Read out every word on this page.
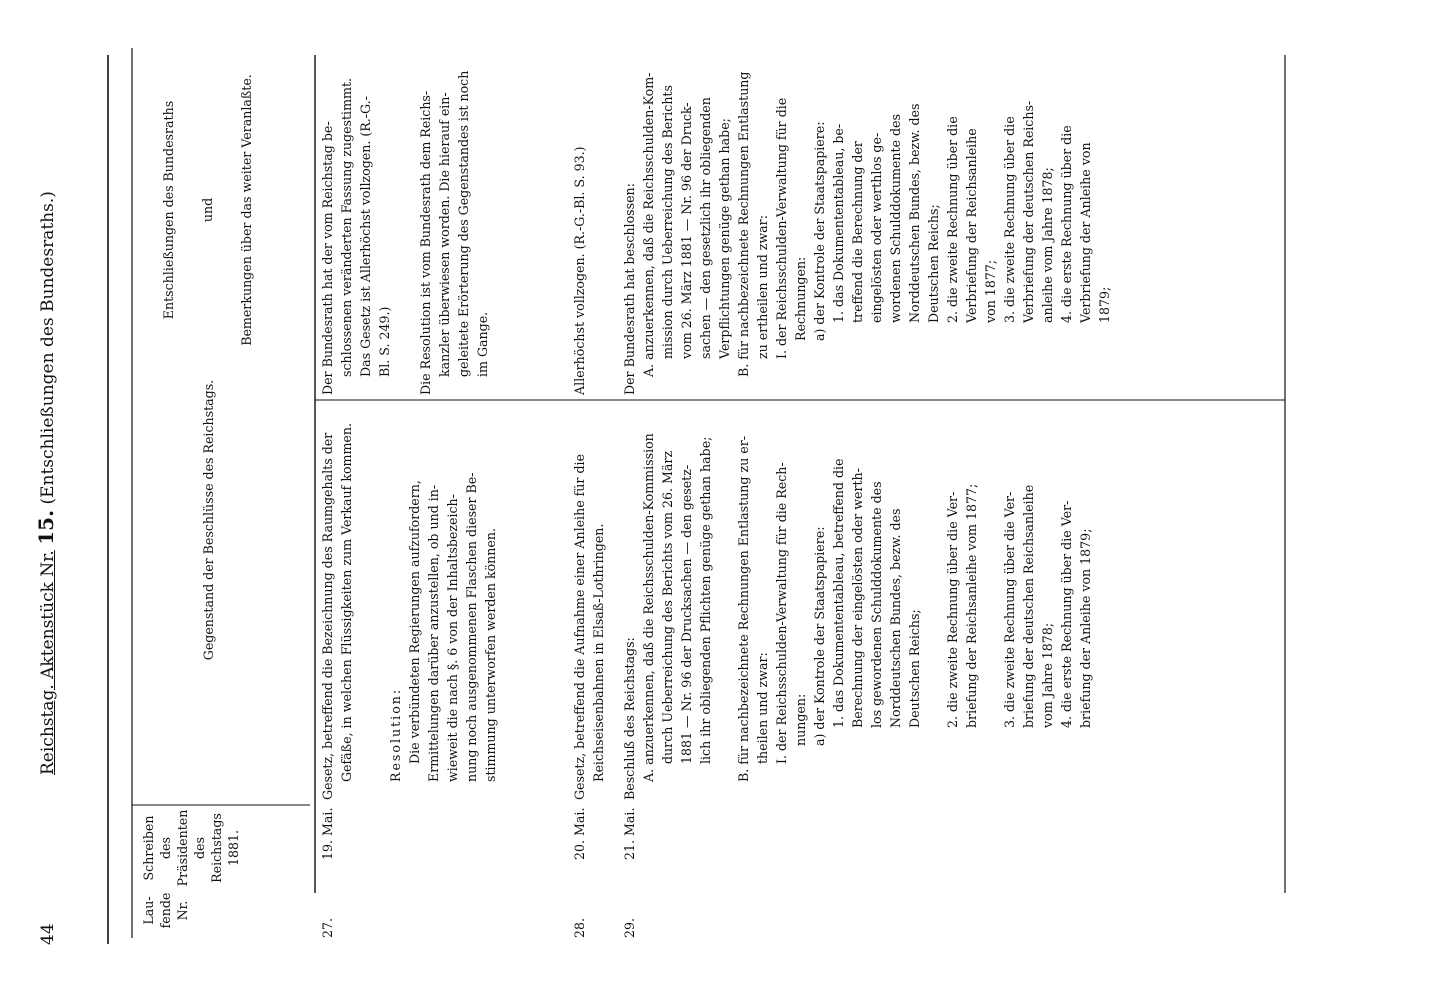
44
Reichstag. Aktenstück Nr. 15. (Entschließungen des Bundesraths.)
Lau- fende Nr.
Schreiben des Präsidenten des Reichstags 1881.
Gegenstand der Beschlüsse des Reichstags.
Entschließungen des Bundesraths und Bemerkungen über das weiter Veranlaßte.
27.
19. Mai.
Gesetz, betreffend die Bezeichnung des Raumgehalts der Gefäße, in welchen Flüssigkeiten zum Verkauf kommen.	Resolution: Die verbündeten Regierungen aufzufordern, Ermittelungen darüber anzustellen, ob und in- wieweit die nach §. 6 von der Inhaltsbezeich- nung noch ausgenommenen Flaschen dieser Be- stimmung unterworfen werden können.
Der Bundesrath hat der vom Reichstag be- schlossenen veränderten Fassung zugestimmt. Das Gesetz ist Allerhöchst vollzogen. (R.-G.- Bl. S. 249.) Die Resolution ist vom Bundesrath dem Reichs- kanzler überwiesen worden. Die hierauf ein- geleitete Erörterung des Gegenstandes ist noch im Gange.
28.
20. Mai.
Gesetz, betreffend die Aufnahme einer Anleihe für die Reichseisenbahnen in Elsaß-Lothringen.
Allerhöchst vollzogen. (R.-G.-Bl. S. 93.)
29.
21. Mai.
Beschluß des Reichstags: A. anzuerkennen, daß die Reichsschulden-Kommission durch Ueberreichung des Berichts vom 26. März 1881 — Nr. 96 der Drucksachen — den gesetz- lich ihr obliegenden Pflichten genüge gethan habe;
B. für nachbezeichnete Rechnungen Entlastung zu er- theilen und zwar: I. der Reichsschulden-Verwaltung für die Rech- nungen: a) der Kontrole der Staatspapiere: 1. das Dokumententableau, betreffend die Berechnung der eingelösten oder werth- los gewordenen Schulddokumente des Norddeutschen Bundes, bezw. des Deutschen Reichs;
2. die zweite Rechnung über die Ver- briefung der Reichsanleihe vom 1877;
3. die zweite Rechnung über die Ver- briefung der deutschen Reichsanleihe vom Jahre 1878; 4. die erste Rechnung über die Ver- briefung der Anleihe von 1879;
Der Bundesrath hat beschlossen: A. anzuerkennen, daß die Reichsschulden-Kom- mission durch Ueberreichung des Berichts vom 26. März 1881 — Nr. 96 der Druck- sachen — den gesetzlich ihr obliegenden Verpflichtungen genüge gethan habe; B. für nachbezeichnete Rechnungen Entlastung zu ertheilen und zwar: I. der Reichsschulden-Verwaltung für die Rechnungen: a) der Kontrole der Staatspapiere: 1. das Dokumententableau, be- treffend die Berechnung der eingelösten oder werthlos ge- wordenen Schulddokumente des Norddeutschen Bundes, bezw. des Deutschen Reichs; 2. die zweite Rechnung über die Verbriefung der Reichsanleihe von 1877; 3. die zweite Rechnung über die Verbriefung der deutschen Reichs- anleihe vom Jahre 1878; 4. die erste Rechnung über die Verbriefung der Anleihe von 1879;
